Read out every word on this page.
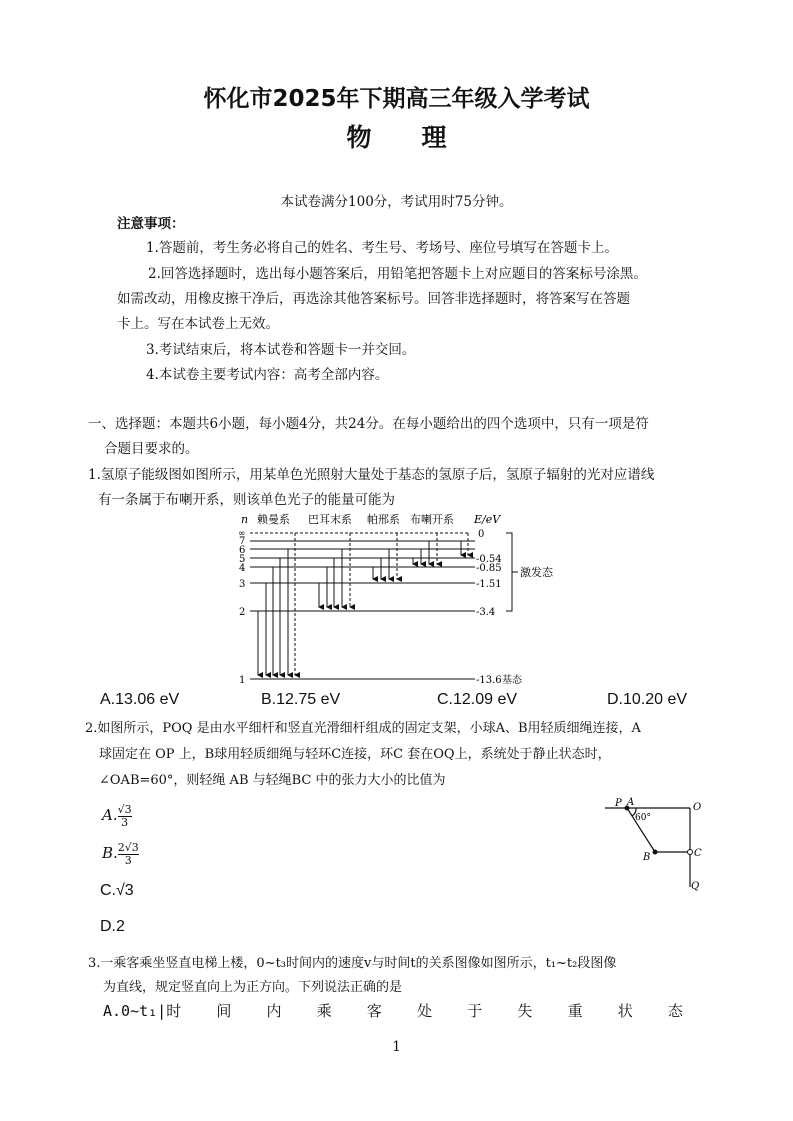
怀化市2025年下期高三年级入学考试
物　　理
本试卷满分100分，考试用时75分钟。
注意事项：
1.答题前，考生务必将自己的姓名、考生号、考场号、座位号填写在答题卡上。
2.回答选择题时，选出每小题答案后，用铅笔把答题卡上对应题目的答案标号涂黑。
如需改动，用橡皮擦干净后，再选涂其他答案标号。回答非选择题时，将答案写在答题
卡上。写在本试卷上无效。
3.考试结束后，将本试卷和答题卡一并交回。
4.本试卷主要考试内容：高考全部内容。
一、选择题：本题共6小题，每小题4分，共24分。在每小题给出的四个选项中，只有一项是符
合题目要求的。
1.氢原子能级图如图所示，用某单色光照射大量处于基态的氢原子后，氢原子辐射的光对应谱线
有一条属于布喇开系，则该单色光子的能量可能为
n 赖曼系 巴耳末系 帕邢系 布喇开系 E/eV
∞
7
6
5
4
3
2
1
0
-0.54
-0.85
-1.51
-3.4
-13.6 基态
激发态
A.13.06 eV	B.12.75 eV	C.12.09 eV	D.10.20 eV
2.如图所示，POQ 是由水平细杆和竖直光滑细杆组成的固定支架，小球A、B用轻质细绳连接，A
球固定在 OP 上，B球用轻质细绳与轻环C连接，环C 套在OQ上，系统处于静止状态时，
∠OAB=60°，则轻绳 AB 与轻绳BC 中的张力大小的比值为
A. $\frac{√3}{3}$
B. $\frac{2√3}{3}$
C.√3
D.2
P A	O
B	C
Q
60°
3.一乘客乘坐竖直电梯上楼，0~t₃时间内的速度v与时间t的关系图像如图所示，t₁~t₂段图像
为直线，规定竖直向上为正方向。下列说法正确的是
A.0~t₁|时 间 内 乘 客 处 于 失 重 状 态
1
